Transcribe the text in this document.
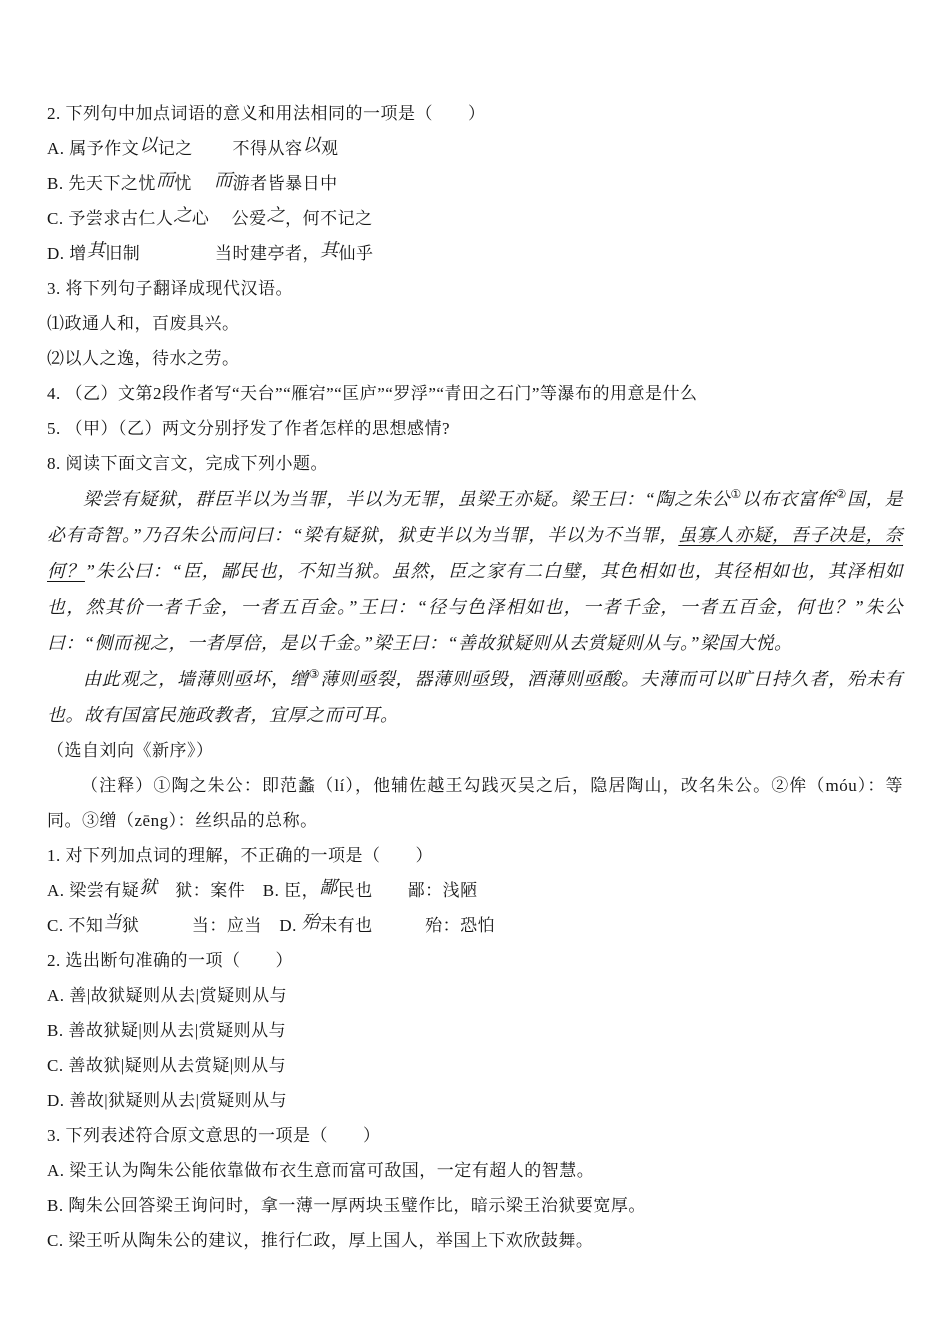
2. 下列句中加点词语的意义和用法相同的一项是（　　）

A. 属予作文以记之　　 不得从容以观

B. 先天下之忧而忧　 而游者皆暴日中

C. 予尝求古仁人之心　 公爱之，何不记之

D. 增其旧制　　　　 当时建亭者，其仙乎

3. 将下列句子翻译成现代汉语。

⑴政通人和，百废具兴。

⑵以人之逸，待水之劳。

4. （乙）文第2段作者写“天台”“雁宕”“匡庐”“罗浮”“青田之石门”等瀑布的用意是什么

5. （甲）（乙）两文分别抒发了作者怎样的思想感情?

8. 阅读下面文言文，完成下列小题。

梁尝有疑狱，群臣半以为当罪，半以为无罪，虽梁王亦疑。梁王曰：“陶之朱公①以布衣富侔②国，是必有奇智。”乃召朱公而问曰：“梁有疑狱，狱吏半以为当罪，半以为不当罪，虽寡人亦疑，吾子决是，奈何？”朱公曰：“臣，鄙民也，不知当狱。虽然，臣之家有二白璧，其色相如也，其径相如也，其泽相如也，然其价一者千金，一者五百金。”王曰：“径与色泽相如也，一者千金，一者五百金，何也？”朱公曰：“侧而视之，一者厚倍，是以千金。”梁王曰：“善故狱疑则从去赏疑则从与。”梁国大悦。

由此观之，墙薄则亟坏，缯③薄则亟裂，器薄则亟毁，酒薄则亟酸。夫薄而可以旷日持久者，殆未有也。故有国富民施政教者，宜厚之而可耳。

（选自刘向《新序》）

（注释）①陶之朱公：即范蠡（lí），他辅佐越王勾践灭吴之后，隐居陶山，改名朱公。②侔（móu）：等同。③缯（zēng）：丝织品的总称。

1. 对下列加点词的理解，不正确的一项是（　　）

A. 梁尝有疑狱　狱：案件　B. 臣，鄙民也　　鄙：浅陋

C. 不知当狱　　　当：应当　D. 殆未有也　　　殆：恐怕

2. 选出断句准确的一项（　　）

A. 善|故狱疑则从去|赏疑则从与

B. 善故狱疑|则从去|赏疑则从与

C. 善故狱|疑则从去赏疑|则从与

D. 善故|狱疑则从去|赏疑则从与

3. 下列表述符合原文意思的一项是（　　）

A. 梁王认为陶朱公能依靠做布衣生意而富可敌国，一定有超人的智慧。

B. 陶朱公回答梁王询问时，拿一薄一厚两块玉璧作比，暗示梁王治狱要宽厚。

C. 梁王听从陶朱公的建议，推行仁政，厚上国人，举国上下欢欣鼓舞。
